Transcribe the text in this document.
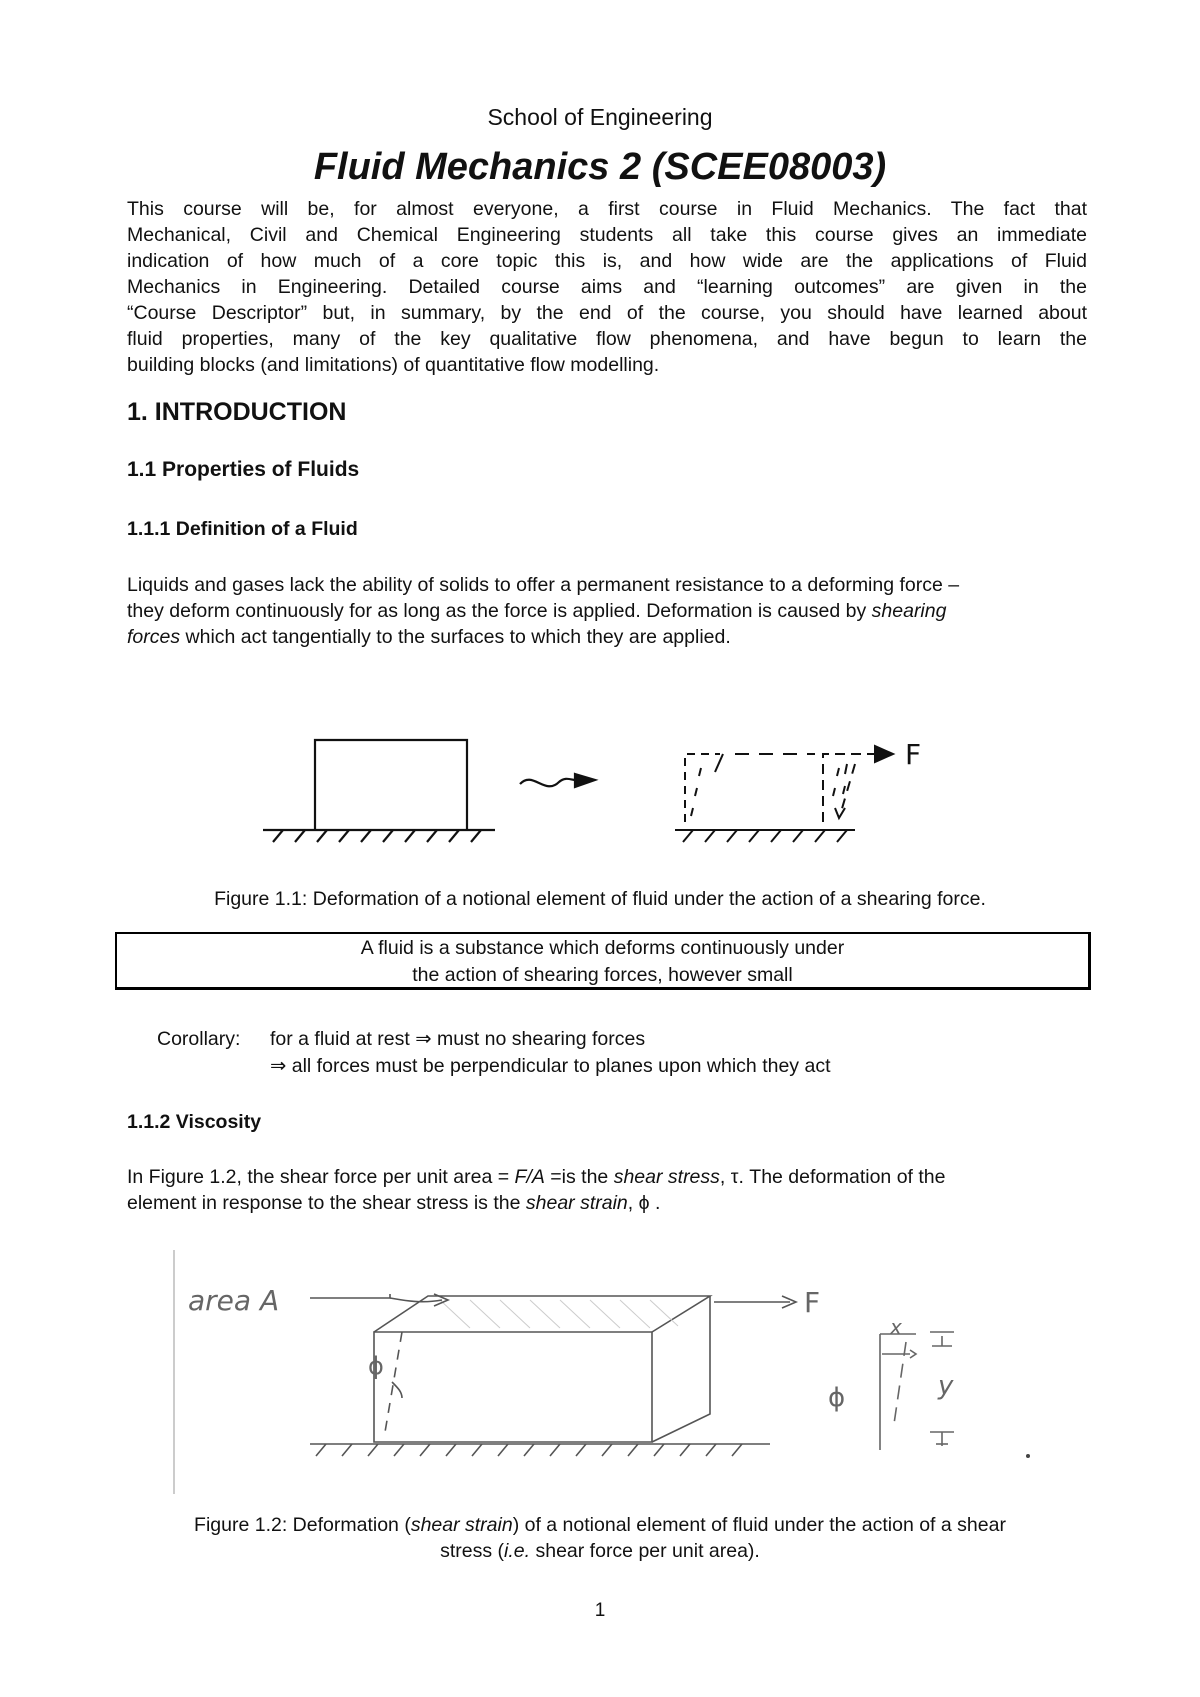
School of Engineering
Fluid Mechanics 2 (SCEE08003)
This course will be, for almost everyone, a first course in Fluid Mechanics. The fact that
Mechanical, Civil and Chemical Engineering students all take this course gives an immediate
indication of how much of a core topic this is, and how wide are the applications of Fluid
Mechanics in Engineering. Detailed course aims and “learning outcomes” are given in the
“Course Descriptor” but, in summary, by the end of the course, you should have learned about
fluid properties, many of the key qualitative flow phenomena, and have begun to learn the
building blocks (and limitations) of quantitative flow modelling.
1. INTRODUCTION
1.1 Properties of Fluids
1.1.1 Definition of a Fluid
Liquids and gases lack the ability of solids to offer a permanent resistance to a deforming force –
they deform continuously for as long as the force is applied. Deformation is caused by shearing
forces which act tangentially to the surfaces to which they are applied.
F
Figure 1.1: Deformation of a notional element of fluid under the action of a shearing force.
A fluid is a substance which deforms continuously under
the action of shearing forces, however small
Corollary: for a fluid at rest ⇒ must no shearing forces
⇒ all forces must be perpendicular to planes upon which they act
1.1.2 Viscosity
In Figure 1.2, the shear force per unit area = F/A =is the shear stress, τ. The deformation of the
element in response to the shear stress is the shear strain, ϕ .
area A	F
ϕ
x
y
ϕ
Figure 1.2: Deformation (shear strain) of a notional element of fluid under the action of a shear
stress (i.e. shear force per unit area).
1
